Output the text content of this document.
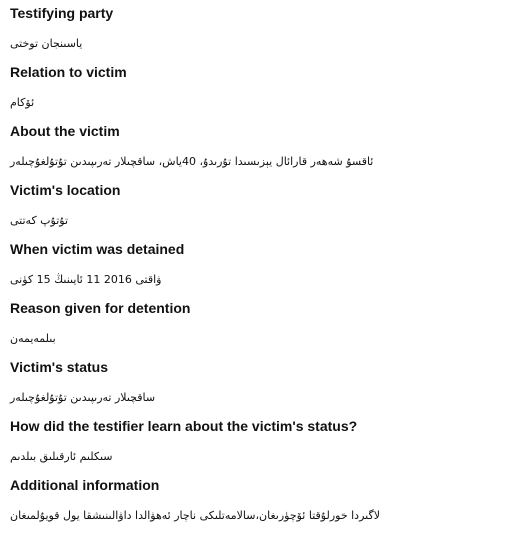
Testifying party
ياسىنجان توختى
Relation to victim
ئۆكام
About the victim
ئاقسۇ شەھەر قارائال يېزىسىدا تۇرىدۇ، 40ياش، ساقچىلار تەرىپىدىن تۇتۇلغۇچىلەر
Victim's location
تۇتۇپ كەتتى
When victim was detained
ۋاقتى 2016 11 ئايىنىڭ 15 كۈنى
Reason given for detention
بىلمەيمەن
Victim's status
ساقچىلار تەرىپىدىن تۇتۇلغۇچىلەر
How did the testifier learn about the victim's status?
سىكلىم ئارقىلىق بىلدىم
Additional information
لاگىردا خورلۇقتا ئۆچۈرىغان،سالامەتلىكى ناچار ئەھۋالدا داۋالىنىشقا يول قويۇلمىغان
